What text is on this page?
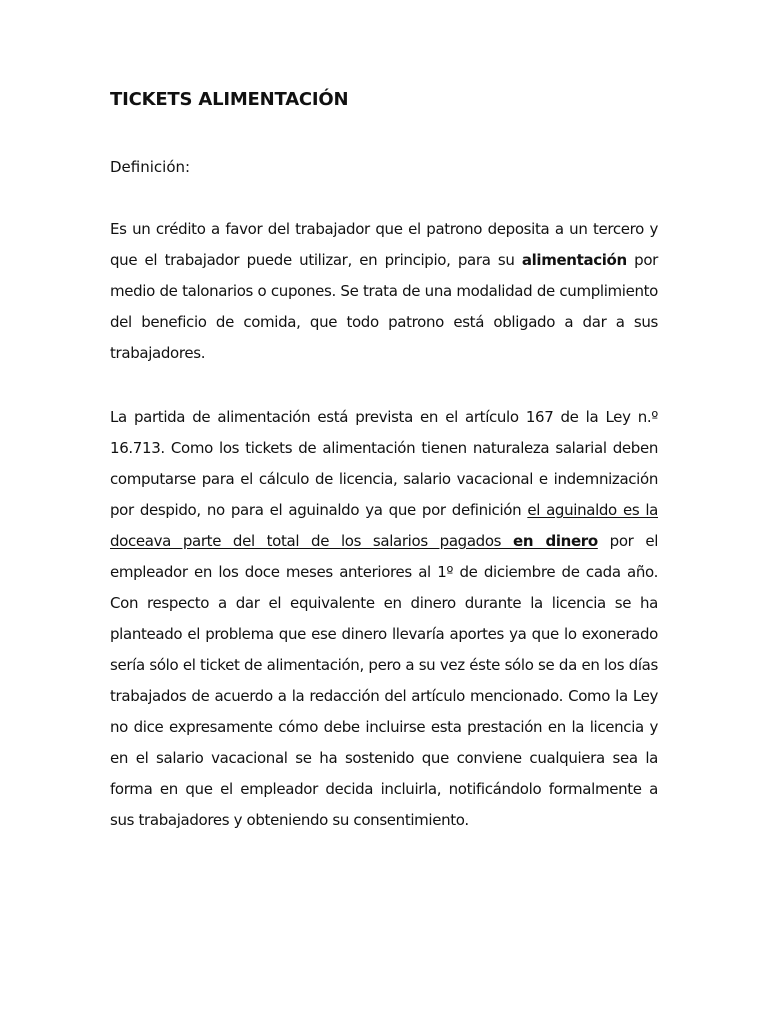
TICKETS ALIMENTACIÓN

Definición:

Es un crédito a favor del trabajador que el patrono deposita a un tercero y que el trabajador puede utilizar, en principio, para su alimentación por medio de talonarios o cupones. Se trata de una modalidad de cumplimiento del beneficio de comida, que todo patrono está obligado a dar a sus trabajadores.

La partida de alimentación está prevista en el artículo 167 de la Ley n.º 16.713. Como los tickets de alimentación tienen naturaleza salarial deben computarse para el cálculo de licencia, salario vacacional e indemnización por despido, no para el aguinaldo ya que por definición el aguinaldo es la doceava parte del total de los salarios pagados en dinero por el empleador en los doce meses anteriores al 1º de diciembre de cada año. Con respecto a dar el equivalente en dinero durante la licencia se ha planteado el problema que ese dinero llevaría aportes ya que lo exonerado sería sólo el ticket de alimentación, pero a su vez éste sólo se da en los días trabajados de acuerdo a la redacción del artículo mencionado. Como la Ley no dice expresamente cómo debe incluirse esta prestación en la licencia y en el salario vacacional se ha sostenido que conviene cualquiera sea la forma en que el empleador decida incluirla, notificándolo formalmente a sus trabajadores y obteniendo su consentimiento.
